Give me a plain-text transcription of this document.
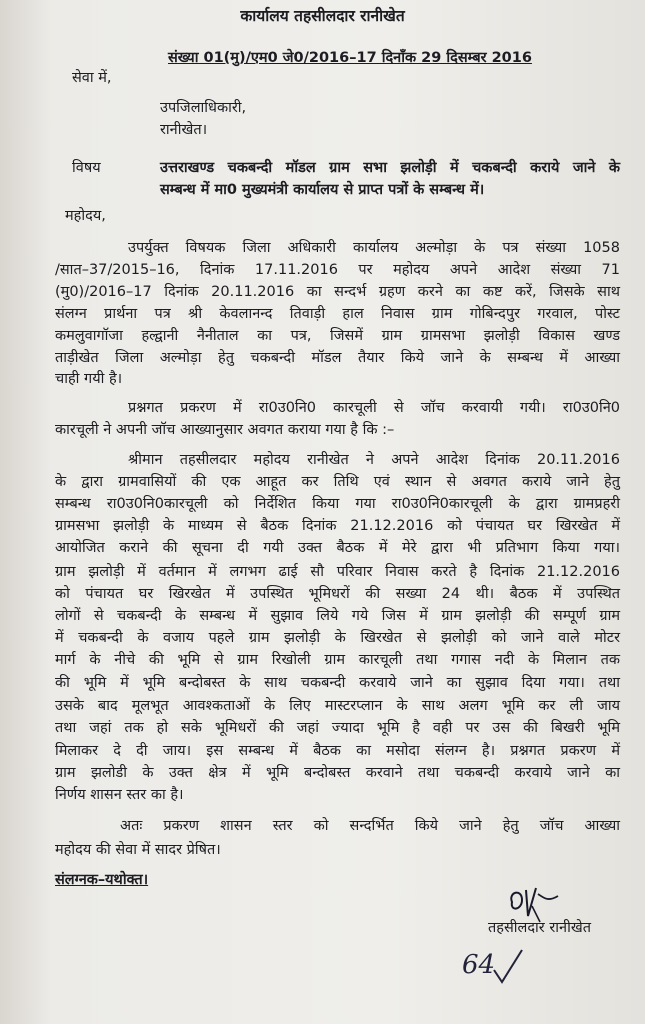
कार्यालय तहसीलदार रानीखेत
संख्या 01(मु)/एम0 जे0/2016–17 दिनाँक 29 दिसम्बर 2016
सेवा में,
उपजिलाधिकारी,
रानीखेत।
विषय	उत्तराखण्ड चकबन्दी मॉडल ग्राम सभा झलोड़ी में चकबन्दी कराये जाने के
सम्बन्ध में मा0 मुख्यमंत्री कार्यालय से प्राप्त पत्रों के सम्बन्ध में।
महोदय,
उपर्युक्त विषयक जिला अधिकारी कार्यालय अल्मोड़ा के पत्र संख्या 1058
/सात–37/2015–16, दिनांक 17.11.2016 पर महोदय अपने आदेश संख्या 71
(मु0)/2016–17 दिनांक 20.11.2016 का सन्दर्भ ग्रहण करने का कष्ट करें, जिसके साथ
संलग्न प्रार्थना पत्र श्री केवलानन्द तिवाड़ी हाल निवास ग्राम गोबिन्दपुर गरवाल, पोस्ट
कमलुवागॉजा हल्द्वानी नैनीताल का पत्र, जिसमें ग्राम ग्रामसभा झलोड़ी विकास खण्ड
ताड़ीखेत जिला अल्मोड़ा हेतु चकबन्दी मॉडल तैयार किये जाने के सम्बन्ध में आख्या
चाही गयी है।
प्रश्नगत प्रकरण में रा0उ0नि0 कारचूली से जॉच करवायी गयी। रा0उ0नि0
कारचूली ने अपनी जॉच आख्यानुसार अवगत कराया गया है कि :–
श्रीमान तहसीलदार महोदय रानीखेत ने अपने आदेश दिनांक 20.11.2016
के द्वारा ग्रामवासियों की एक आहूत कर तिथि एवं स्थान से अवगत कराये जाने हेतु
सम्बन्ध रा0उ0नि0कारचूली को निर्देशित किया गया रा0उ0नि0कारचूली के द्वारा ग्रामप्रहरी
ग्रामसभा झलोड़ी के माध्यम से बैठक दिनांक 21.12.2016 को पंचायत घर खिरखेत में
आयोजित कराने की सूचना दी गयी उक्त बैठक में मेरे द्वारा भी प्रतिभाग किया गया।
ग्राम झलोड़ी में वर्तमान में लगभग ढाई सौ परिवार निवास करते है दिनांक 21.12.2016
को पंचायत घर खिरखेत में उपस्थित भूमिधरों की सख्या 24 थी। बैठक में उपस्थित
लोगों से चकबन्दी के सम्बन्ध में सुझाव लिये गये जिस में ग्राम झलोड़ी की सम्पूर्ण ग्राम
में चकबन्दी के वजाय पहले ग्राम झलोड़ी के खिरखेत से झलोड़ी को जाने वाले मोटर
मार्ग के नीचे की भूमि से ग्राम रिखोली ग्राम कारचूली तथा गगास नदी के मिलान तक
की भूमि में भूमि बन्दोबस्त के साथ चकबन्दी करवाये जाने का सुझाव दिया गया। तथा
उसके बाद मूलभूत आवश्कताओं के लिए मास्टरप्लान के साथ अलग भूमि कर ली जाय
तथा जहां तक हो सके भूमिधरों की जहां ज्यादा भूमि है वही पर उस की बिखरी भूमि
मिलाकर दे दी जाय। इस सम्बन्ध में बैठक का मसोदा संलग्न है। प्रश्नगत प्रकरण में
ग्राम झलोडी के उक्त क्षेत्र में भूमि बन्दोबस्त करवाने तथा चकबन्दी करवाये जाने का
निर्णय शासन स्तर का है।
अतः प्रकरण शासन स्तर को सन्दर्भित किये जाने हेतु जॉच आख्या
महोदय की सेवा में सादर प्रेषित।
संलग्नक–यथोक्त।
तहसीलदार रानीखेत
64
